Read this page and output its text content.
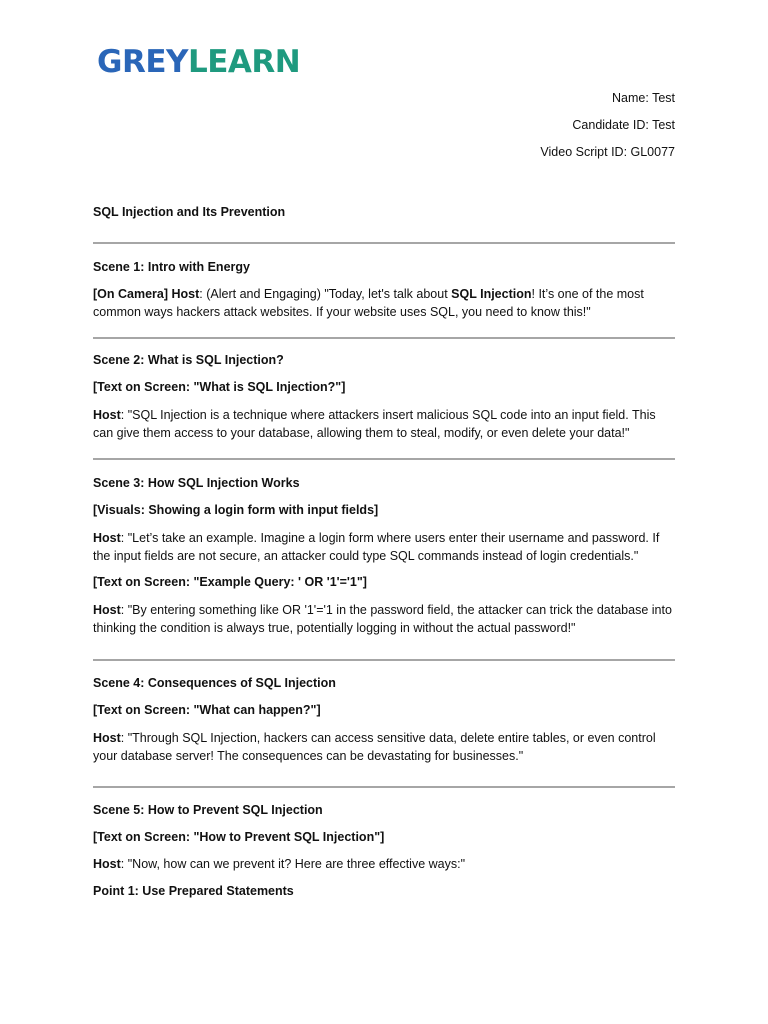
GREYLEARN
Name: Test
Candidate ID: Test
Video Script ID: GL0077
SQL Injection and Its Prevention
Scene 1: Intro with Energy

[On Camera] Host: (Alert and Engaging) "Today, let's talk about SQL Injection! It’s one of the most common ways hackers attack websites. If your website uses SQL, you need to know this!"

Scene 2: What is SQL Injection?
[Text on Screen: "What is SQL Injection?"]

Host: "SQL Injection is a technique where attackers insert malicious SQL code into an input field. This can give them access to your database, allowing them to steal, modify, or even delete your data!"

Scene 3: How SQL Injection Works
[Visuals: Showing a login form with input fields]

Host: "Let’s take an example. Imagine a login form where users enter their username and password. If the input fields are not secure, an attacker could type SQL commands instead of login credentials."

[Text on Screen: "Example Query: ' OR '1'='1"]

Host: "By entering something like OR '1'='1 in the password field, the attacker can trick the database into thinking the condition is always true, potentially logging in without the actual password!"

Scene 4: Consequences of SQL Injection
[Text on Screen: "What can happen?"]

Host: "Through SQL Injection, hackers can access sensitive data, delete entire tables, or even control your database server! The consequences can be devastating for businesses."

Scene 5: How to Prevent SQL Injection
[Text on Screen: "How to Prevent SQL Injection"]

Host: "Now, how can we prevent it? Here are three effective ways:"

Point 1: Use Prepared Statements
